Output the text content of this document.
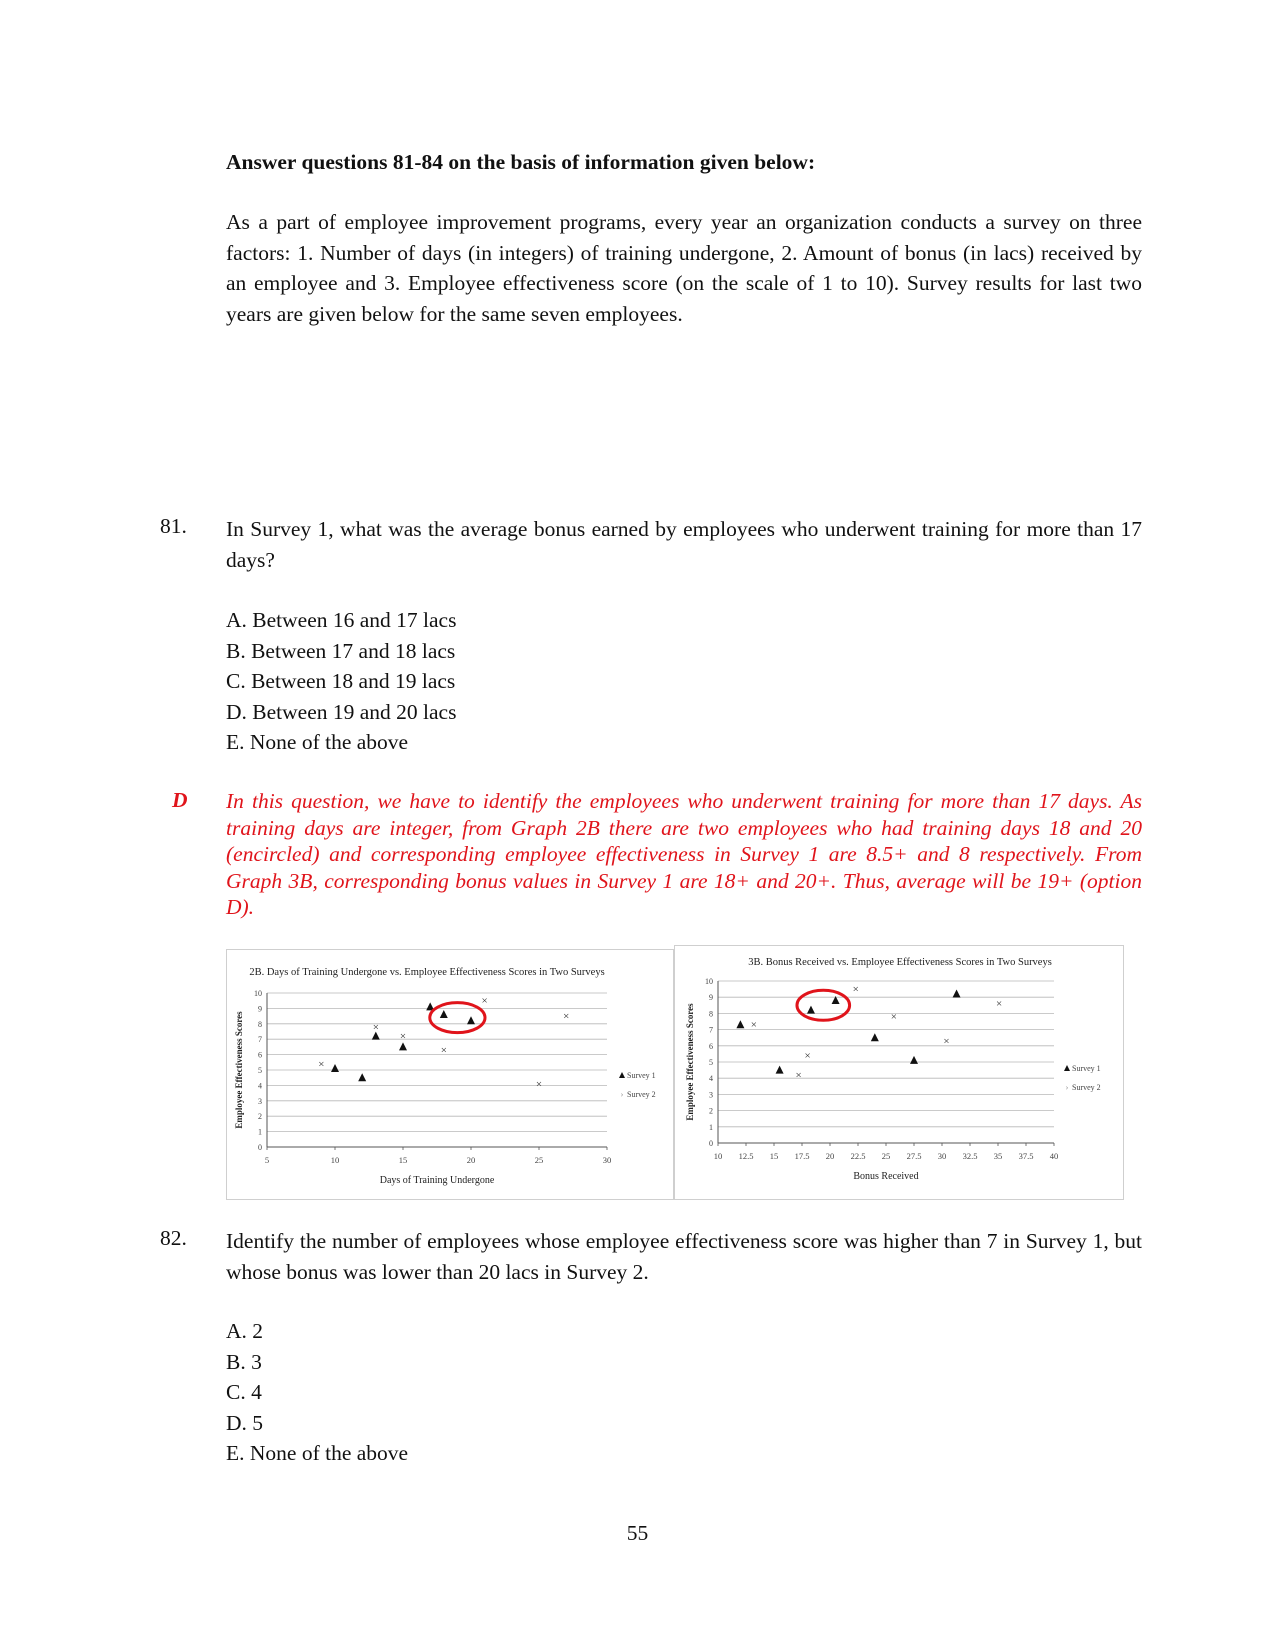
Answer questions 81-84 on the basis of information given below:

As a part of employee improvement programs, every year an organization conducts a survey on three factors: 1. Number of days (in integers) of training undergone, 2. Amount of bonus (in lacs) received by an employee and 3. Employee effectiveness score (on the scale of 1 to 10). Survey results for last two years are given below for the same seven employees.

81. In Survey 1, what was the average bonus earned by employees who underwent training for more than 17 days?

A. Between 16 and 17 lacs
B. Between 17 and 18 lacs
C. Between 18 and 19 lacs
D. Between 19 and 20 lacs
E. None of the above
D In this question, we have to identify the employees who underwent training for more than 17 days. As training days are integer, from Graph 2B there are two employees who had training days 18 and 20 (encircled) and corresponding employee effectiveness in Survey 1 are 8.5+ and 8 respectively. From Graph 3B, corresponding bonus values in Survey 1 are 18+ and 20+. Thus, average will be 19+ (option D).

2B. Days of Training Undergone vs. Employee Effectiveness Scores in Two Surveys
0
1
2
3
4
5
6
7
8
9
10
5	10	15	20	25	30
Days of Training Undergone
Employee Effectiveness Scores	×
×
×
×
×
×
×
Survey 1
› Survey 2
3B. Bonus Received vs. Employee Effectiveness Scores in Two Surveys
0
1
2
3
4
5
6
7
8
9
10
10 12.5 15 17.5 20 22.5 25 27.5 30 32.5 35 37.5 40
Bonus Received
Employee Effectiveness Scores	×
×
×
×
×
×
×
Survey 1
› Survey 2
82. Identify the number of employees whose employee effectiveness score was higher than 7 in Survey 1, but whose bonus was lower than 20 lacs in Survey 2.

A. 2
B. 3
C. 4
D. 5
E. None of the above
55
